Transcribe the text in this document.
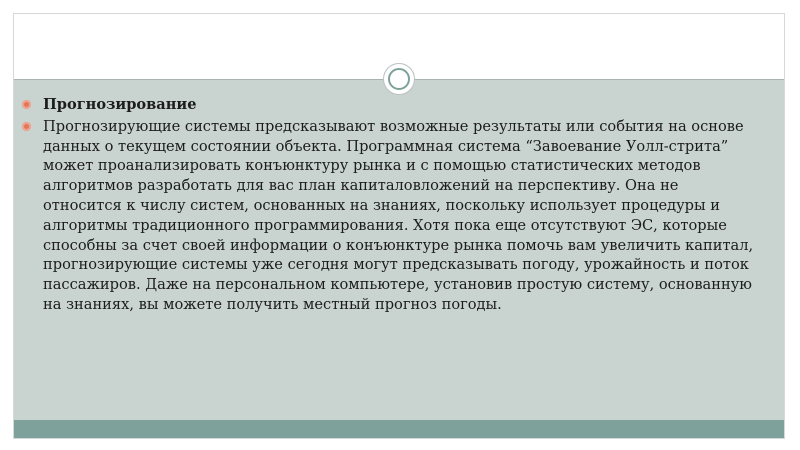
Прогнозирование
Прогнозирующие системы предсказывают возможные результаты или события на основе данных о текущем состоянии объекта. Программная система “Завоевание Уолл-стрита” может проанализировать конъюнктуру рынка и с помощью статистических методов алгоритмов разработать для вас план капиталовложений на перспективу. Она не относится к числу систем, основанных на знаниях, поскольку использует процедуры и алгоритмы традиционного программирования. Хотя пока еще отсутствуют ЭС, которые способны за счет своей информации о конъюнктуре рынка помочь вам увеличить капитал, прогнозирующие системы уже сегодня могут предсказывать погоду, урожайность и поток пассажиров. Даже на персональном компьютере, установив простую систему, основанную на знаниях, вы можете получить местный прогноз погоды.
